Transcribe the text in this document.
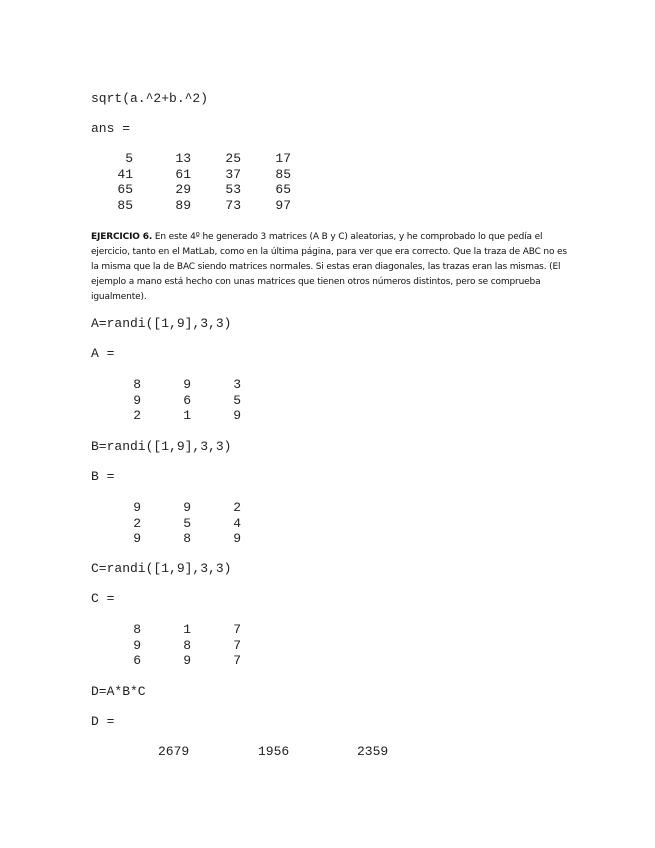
sqrt(a.^2+b.^2)
ans =
5	13	25	17
41	61	37	85
65	29	53	65
85	89	73	97

EJERCICIO 6. En este 4º he generado 3 matrices (A B y C) aleatorias, y he comprobado lo que pedía el ejercicio, tanto en el MatLab, como en la última página, para ver que era correcto. Que la traza de ABC no es la misma que la de BAC siendo matrices normales. Si estas eran diagonales, las trazas eran las mismas. (El ejemplo a mano está hecho con unas matrices que tienen otros números distintos, pero se comprueba igualmente).

A=randi([1,9],3,3)
A =
8	9	3
9	6	5
2	1	9
B=randi([1,9],3,3)
B =
9	9	2
2	5	4
9	8	9
C=randi([1,9],3,3)
C =
8	1	7
9	8	7
6	9	7
D=A*B*C
D =
2679	1956	2359
